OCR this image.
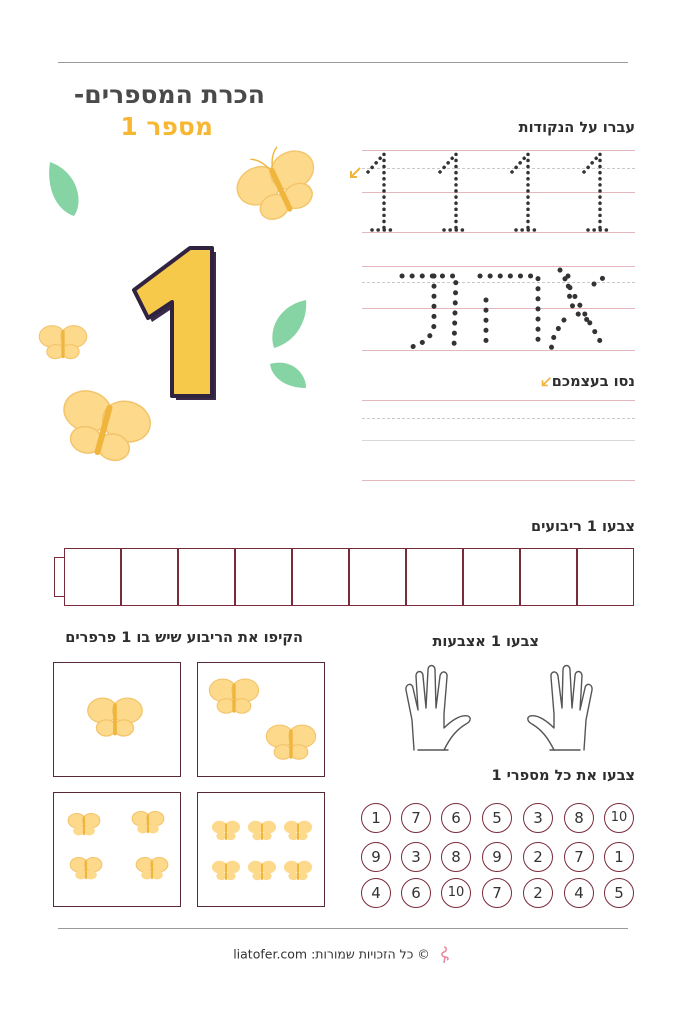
הכרת המספרים-
מספר 1	עברו על הנקודות
נסו בעצמכם
צבעו 1 ריבועים
הקיפו את הריבוע שיש בו 1 פרפרים	צבעו 1 אצבעות
צבעו את כל מספרי 1
10
8
3
5
6
7
1
1
7
2
9
8
3
9
5
4
2
7
10
6
4
© כל הזכויות שמורות: liatofer.com
